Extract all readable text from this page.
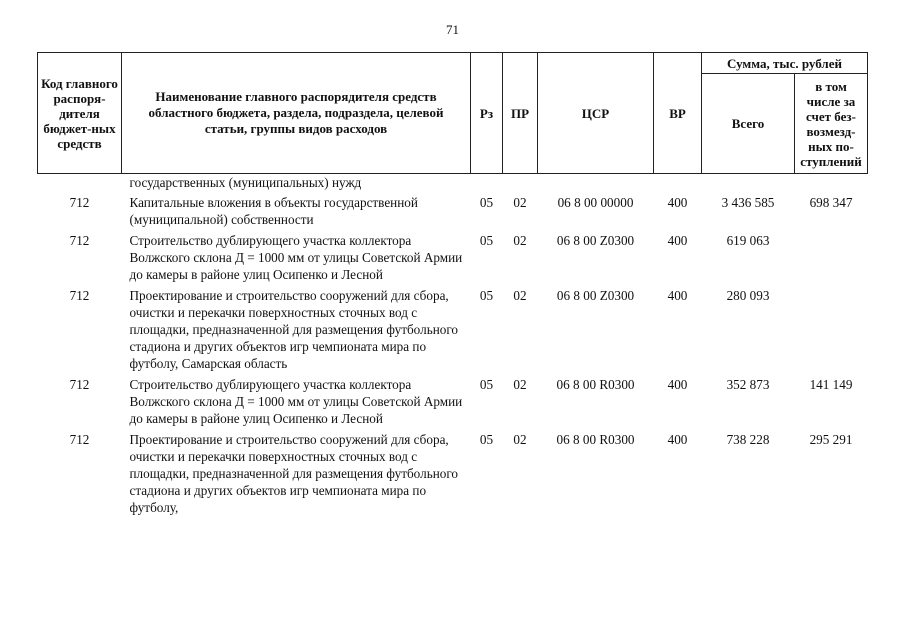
71
Код главного распоря-дителя бюджет-ных средств	Наименование главного распорядителя средств областного бюджета, раздела, подраздела, целевой статьи, группы видов расходов	Рз	ПР	ЦСР	ВР	Сумма, тыс. рублей	
						Всего	в том числе за счет без-возмезд-ных по-ступлений
	государственных (муниципальных) нужд						
712	Капитальные вложения в объекты государственной (муниципальной) собственности	05	02	06 8 00 00000	400	3 436 585	698 347
712	Строительство дублирующего участка коллектора Волжского склона Д = 1000 мм от улицы Советской Армии до камеры в районе улиц Осипенко и Лесной	05	02	06 8 00 Z0300	400	619 063	
712	Проектирование и строительство сооружений для сбора, очистки и перекачки поверхностных сточных вод с площадки, предназначенной для размещения футбольного стадиона и других объектов игр чемпионата мира по футболу, Самарская область	05	02	06 8 00 Z0300	400	280 093	
712	Строительство дублирующего участка коллектора Волжского склона Д = 1000 мм от улицы Советской Армии до камеры в районе улиц Осипенко и Лесной	05	02	06 8 00 R0300	400	352 873	141 149
712	Проектирование и строительство сооружений для сбора, очистки и перекачки поверхностных сточных вод с площадки, предназначенной для размещения футбольного стадиона и других объектов игр чемпионата мира по футболу,	05	02	06 8 00 R0300	400	738 228	295 291
